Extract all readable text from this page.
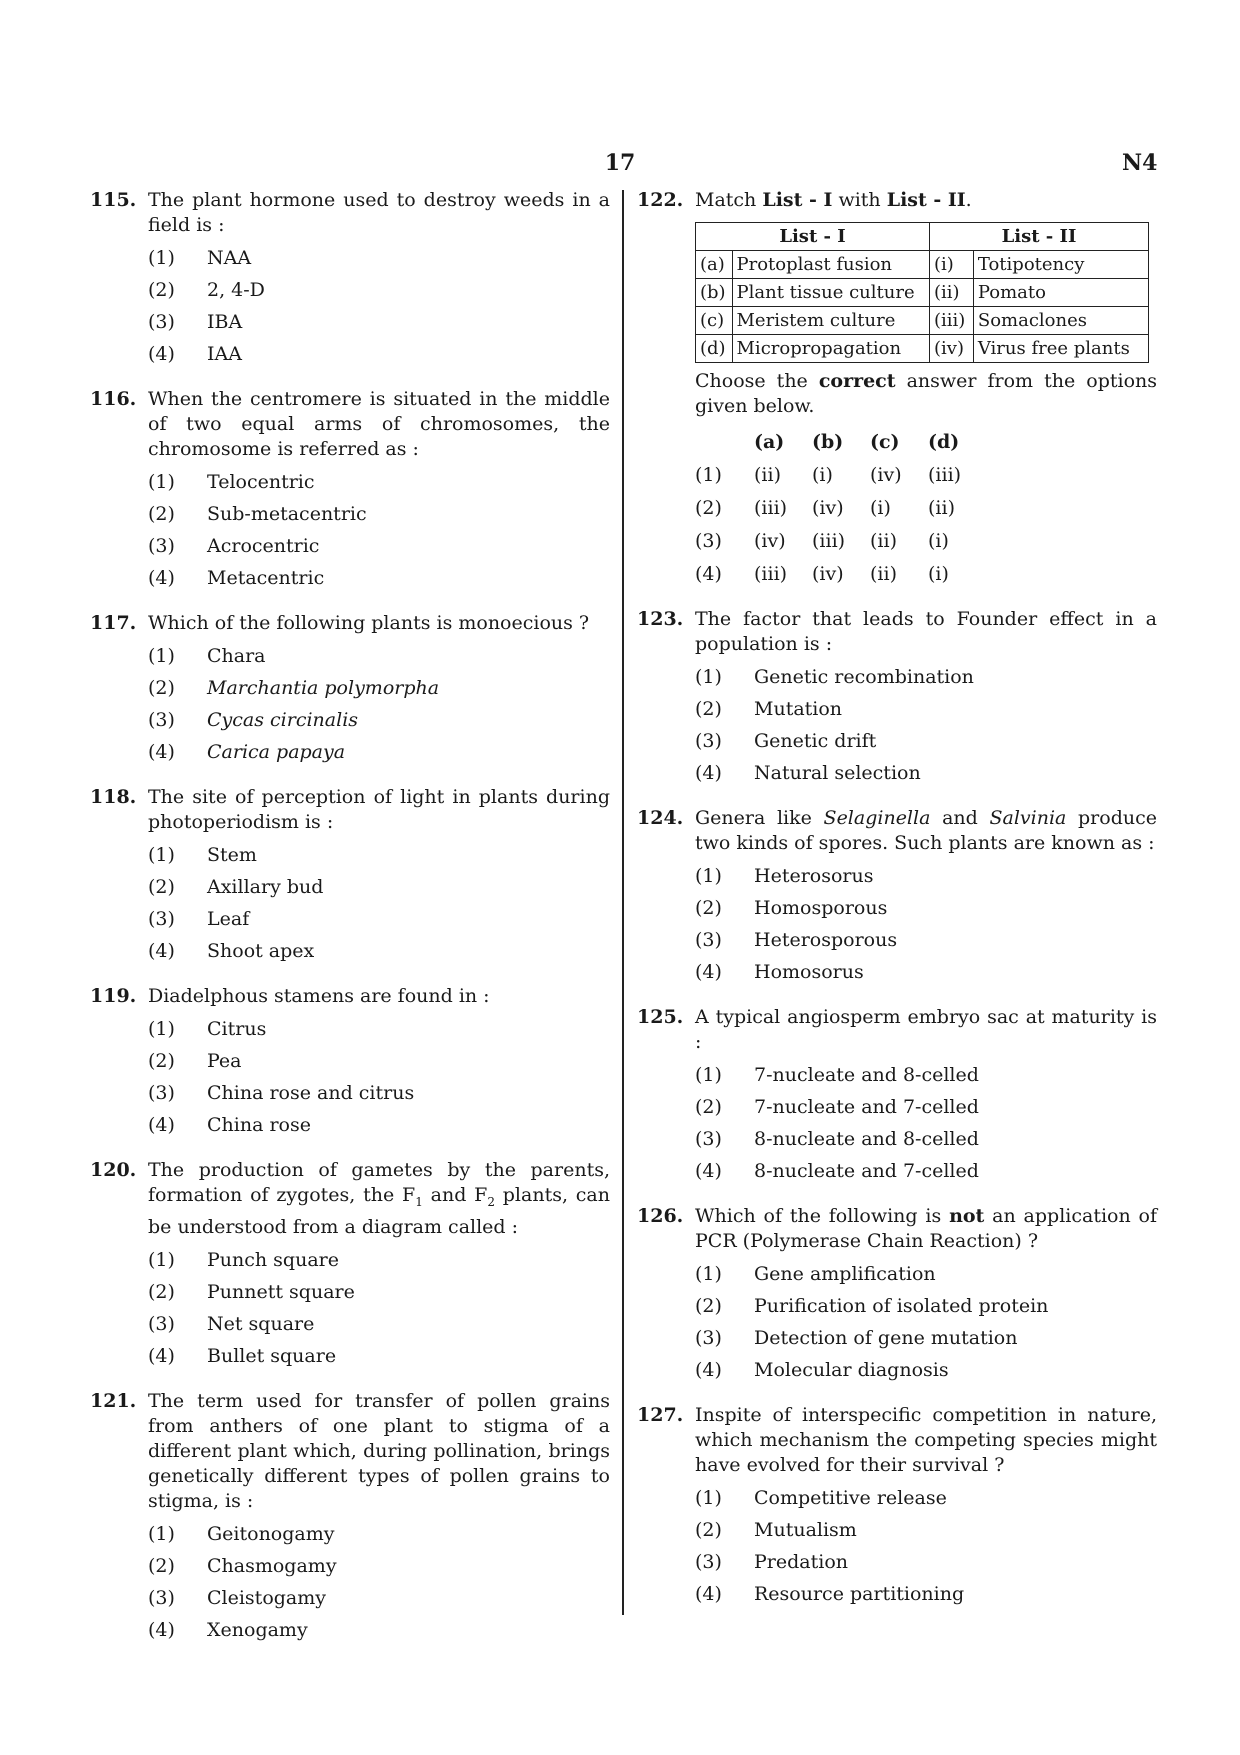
17	N4
115. The plant hormone used to destroy weeds in a field is :
(1)	NAA
(2)	2, 4-D
(3)	IBA
(4)	IAA
116. When the centromere is situated in the middle of two equal arms of chromosomes, the chromosome is referred as :
(1)	Telocentric
(2)	Sub-metacentric
(3)	Acrocentric
(4)	Metacentric
117. Which of the following plants is monoecious ?
(1)	Chara
(2)	Marchantia polymorpha
(3)	Cycas circinalis
(4)	Carica papaya
118. The site of perception of light in plants during photoperiodism is :
(1)	Stem
(2)	Axillary bud
(3)	Leaf
(4)	Shoot apex
119. Diadelphous stamens are found in :
(1)	Citrus
(2)	Pea
(3)	China rose and citrus
(4)	China rose
120. The production of gametes by the parents, formation of zygotes, the $F_1$ and $F_2$ plants, can be understood from a diagram called :
(1)	Punch square
(2)	Punnett square
(3)	Net square
(4)	Bullet square
121. The term used for transfer of pollen grains from anthers of one plant to stigma of a different plant which, during pollination, brings genetically different types of pollen grains to stigma, is :
(1)	Geitonogamy
(2)	Chasmogamy
(3)	Cleistogamy
(4)	Xenogamy
122. Match List - I with List - II.
List - I		List - II	
(a)	Protoplast fusion	(i)	Totipotency
(b)	Plant tissue culture	(ii)	Pomato
(c)	Meristem culture	(iii)	Somaclones
(d)	Micropropagation	(iv)	Virus free plants
Choose the correct answer from the options given below.
(a)	(b)	(c)	(d)
(1)	(ii)	(i)	(iv)	(iii)
(2)	(iii)	(iv)	(i)	(ii)
(3)	(iv)	(iii)	(ii)	(i)
(4)	(iii)	(iv)	(ii)	(i)
123. The factor that leads to Founder effect in a population is :
(1)	Genetic recombination
(2)	Mutation
(3)	Genetic drift
(4)	Natural selection
124. Genera like Selaginella and Salvinia produce two kinds of spores. Such plants are known as :
(1)	Heterosorus
(2)	Homosporous
(3)	Heterosporous
(4)	Homosorus
125. A typical angiosperm embryo sac at maturity is :
(1)	7-nucleate and 8-celled
(2)	7-nucleate and 7-celled
(3)	8-nucleate and 8-celled
(4)	8-nucleate and 7-celled
126. Which of the following is not an application of PCR (Polymerase Chain Reaction) ?
(1)	Gene amplification
(2)	Purification of isolated protein
(3)	Detection of gene mutation
(4)	Molecular diagnosis
127. Inspite of interspecific competition in nature, which mechanism the competing species might have evolved for their survival ?
(1)	Competitive release
(2)	Mutualism
(3)	Predation
(4)	Resource partitioning
